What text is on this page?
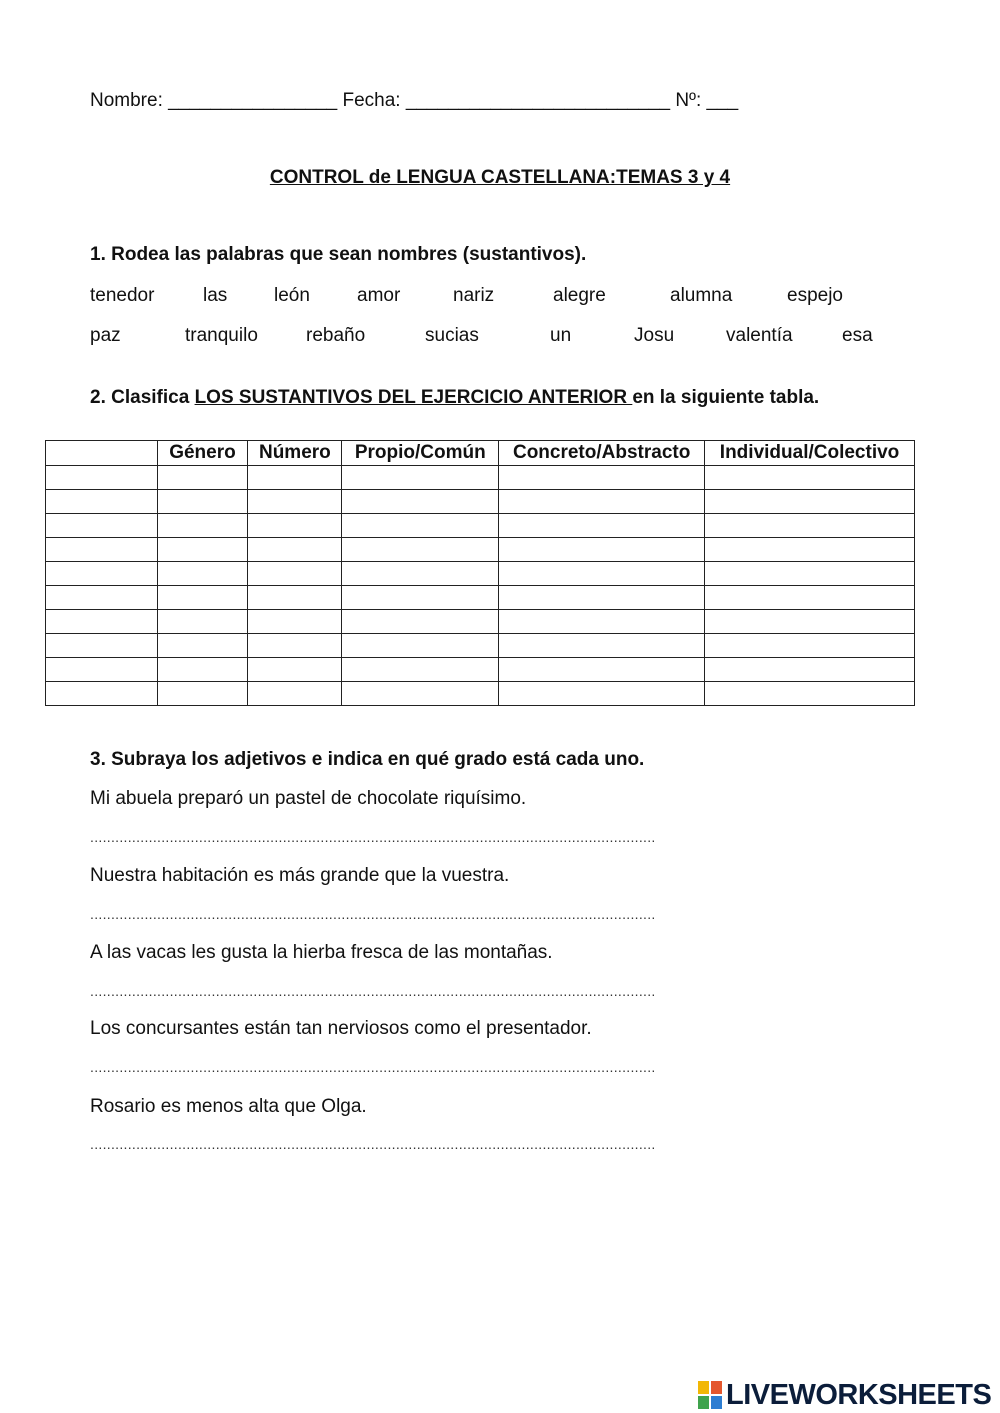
Nombre: ________________ Fecha: _________________________ Nº: ___
CONTROL de LENGUA CASTELLANA:TEMAS 3 y 4
1. Rodea las palabras que sean nombres (sustantivos).
tenedor	las león amor	nariz	alegre	alumna	espejo
paz	tranquilo	rebaño	sucias	un	Josu	valentía	esa
2. Clasifica LOS SUSTANTIVOS DEL EJERCICIO ANTERIOR en la siguiente tabla.
	Género	Número	Propio/Común	Concreto/Abstracto	Individual/Colectivo

3. Subraya los adjetivos e indica en qué grado está cada uno.
Mi abuela preparó un pastel de chocolate riquísimo.
.......................................................................................................................................
Nuestra habitación es más grande que la vuestra.
.......................................................................................................................................
A las vacas les gusta la hierba fresca de las montañas.
.......................................................................................................................................
Los concursantes están tan nerviosos como el presentador.
.......................................................................................................................................
Rosario es menos alta que Olga.
.......................................................................................................................................
LIVEWORKSHEETS
